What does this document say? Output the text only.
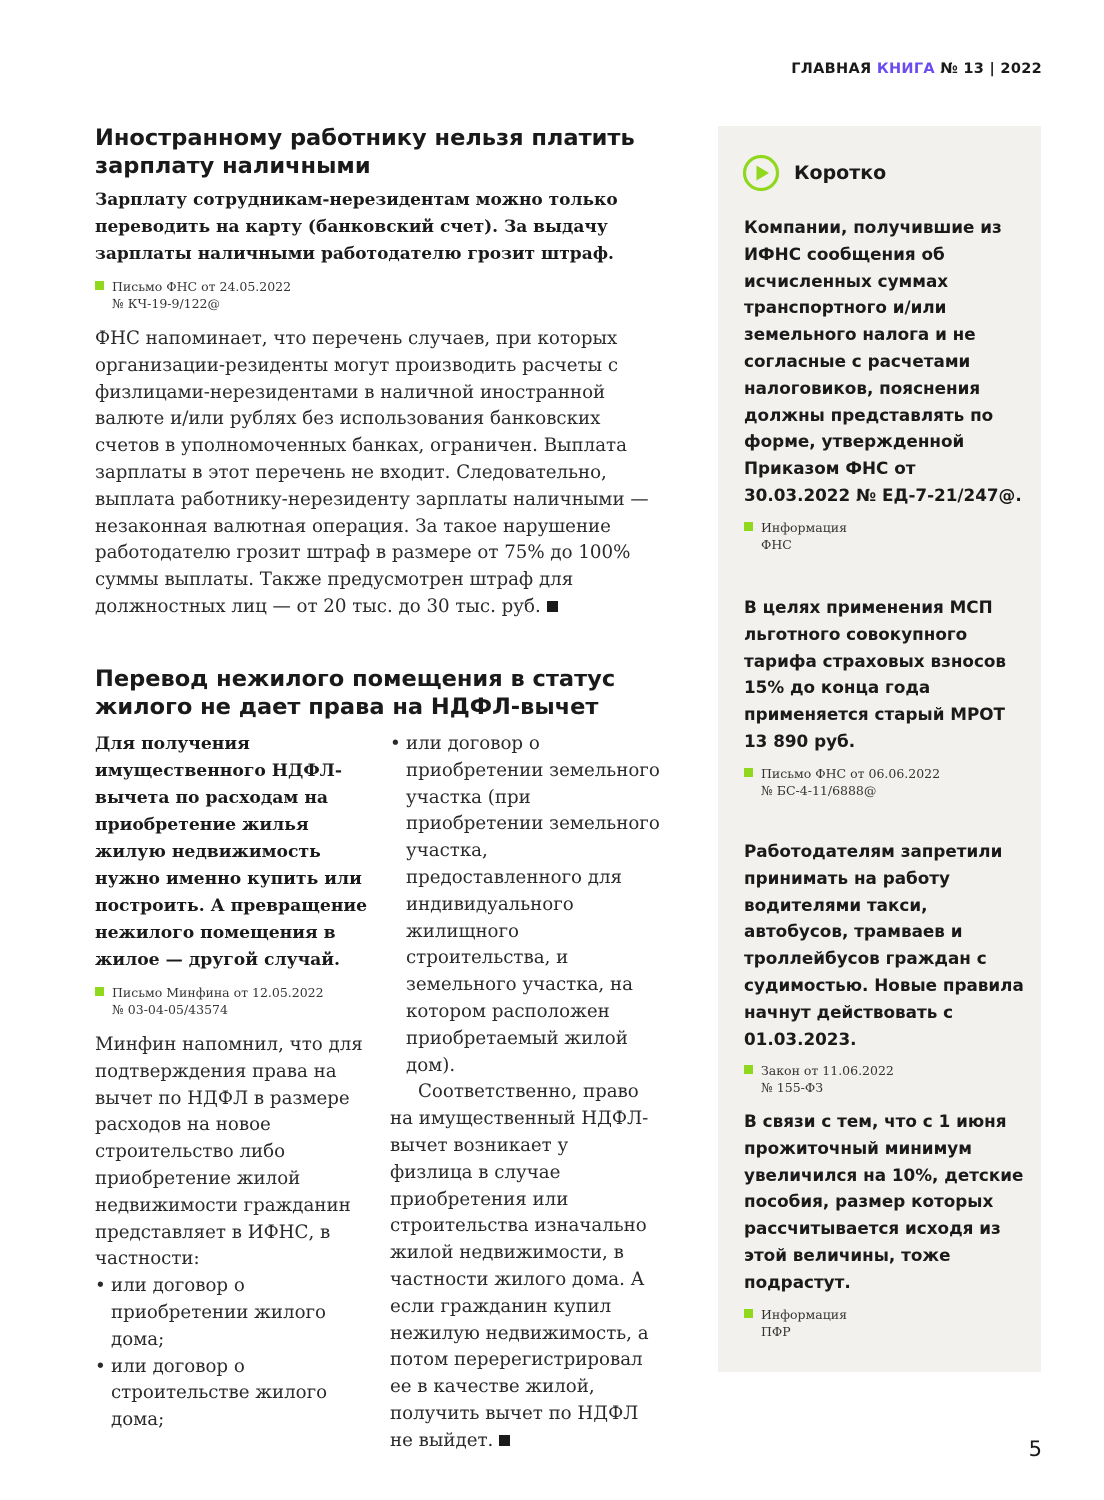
ГЛАВНАЯ КНИГА № 13 | 2022
Иностранному работнику нельзя платить зарплату наличными

Зарплату сотрудникам-нерезидентам можно только переводить на карту (банковский счет). За выдачу зарплаты наличными работодателю грозит штраф.

Письмо ФНС от 24.05.2022
№ КЧ-19-9/122@

ФНС напоминает, что перечень случаев, при которых организации-резиденты могут производить расчеты с физлицами-нерезидентами в наличной иностранной валюте и/или рублях без использования банковских счетов в уполномоченных банках, ограничен. Выплата зарплаты в этот перечень не входит. Следовательно, выплата работнику-нерезиденту зарплаты наличными — незаконная валютная операция. За такое нарушение работодателю грозит штраф в размере от 75% до 100% суммы выплаты. Также предусмотрен штраф для должностных лиц — от 20 тыс. до 30 тыс. руб.

Перевод нежилого помещения в статус жилого не дает права на НДФЛ-вычет

Для получения имущественного НДФЛ-вычета по расходам на приобретение жилья жилую недвижимость нужно именно купить или построить. А превращение нежилого помещения в жилое — другой случай.

Письмо Минфина от 12.05.2022
№ 03-04-05/43574

Минфин напомнил, что для подтверждения права на вычет по НДФЛ в размере расходов на новое строительство либо приобретение жилой недвижимости гражданин представляет в ИФНС, в частности:

• или договор о приобретении жилого дома;
• или договор о строительстве жилого дома;
• или договор о приобретении земельного участка (при приобретении земельного участка, предоставленного для индивидуального жилищного строительства, и земельного участка, на котором расположен приобретаемый жилой дом).

Соответственно, право на имущественный НДФЛ-вычет возникает у физлица в случае приобретения или строительства изначально жилой недвижимости, в частности жилого дома. А если гражданин купил нежилую недвижимость, а потом перерегистрировал ее в качестве жилой, получить вычет по НДФЛ не выйдет.

Коротко

Компании, получившие из ИФНС сообщения об исчисленных суммах транспортного и/или земельного налога и не согласные с расчетами налоговиков, пояснения должны представлять по форме, утвержденной Приказом ФНС от 30.03.2022 № ЕД-7-21/247@.

Информация
ФНС

В целях применения МСП льготного совокупного тарифа страховых взносов 15% до конца года применяется старый МРОТ 13 890 руб.

Письмо ФНС от 06.06.2022
№ БС-4-11/6888@

Работодателям запретили принимать на работу водителями такси, автобусов, трамваев и троллейбусов граждан с судимостью. Новые правила начнут действовать с 01.03.2023.

Закон от 11.06.2022
№ 155-ФЗ

В связи с тем, что с 1 июня прожиточный минимум увеличился на 10%, детские пособия, размер которых рассчитывается исходя из этой величины, тоже подрастут.

Информация
ПФР
5
